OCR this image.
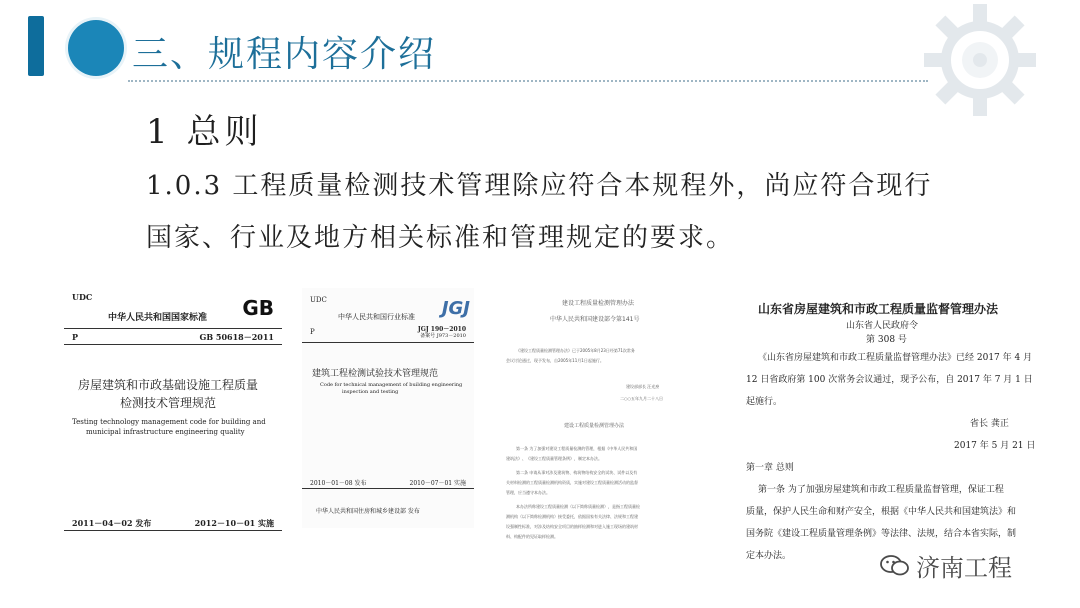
三、规程内容介绍
1 总则
1.0.3 工程质量检测技术管理除应符合本规程外，尚应符合现行
国家、行业及地方相关标准和管理规定的要求。
UDC
中华人民共和国国家标准 GB
P	GB 50618－2011
房屋建筑和市政基础设施工程质量
检测技术管理规范
Testing technology management code for building and
municipal infrastructure engineering quality
2011－04－02 发布	2012－10－01 实施
UDC
中华人民共和国行业标准 JGJ
P	JGJ 190－2010
备案号 J973－2010
建筑工程检测试验技术管理规范
Code for technical management of building engineering
inspection and testing
2010－01－08 发布	2010－07－01 实施
中华人民共和国住房和城乡建设部 发布
建设工程质量检测管理办法
中华人民共和国建设部令第141号
《建设工程质量检测管理办法》已于2005年8月23日经第71次常务
会议讨论通过，现予发布，自2005年11月1日起施行。
建设部部长 汪光焘
二○○五年九月二十八日
建设工程质量检测管理办法
第一条 为了加强对建设工程质量检测的管理，根据《中华人民共和国
建筑法》、《建设工程质量管理条例》，制定本办法。
第二条 申请从事对涉及建筑物、构筑物结构安全的试块、试件以及有
关材料检测的工程质量检测机构资质，实施对建设工程质量检测活动的监督
管理，应当遵守本办法。
本办法所称建设工程质量检测（以下简称质量检测），是指工程质量检
测机构（以下简称检测机构）接受委托，依据国家有关法律、法规和工程建
设强制性标准，对涉及结构安全项目的抽样检测和对进入施工现场的建筑材
料、构配件的见证取样检测。
山东省房屋建筑和市政工程质量监督管理办法
山东省人民政府令
第 308 号
《山东省房屋建筑和市政工程质量监督管理办法》已经 2017 年 4 月
12 日省政府第 100 次常务会议通过，现予公布，自 2017 年 7 月 1 日
起施行。
省长 龚正
2017 年 5 月 21 日
第一章 总则
第一条 为了加强房屋建筑和市政工程质量监督管理，保证工程
质量，保护人民生命和财产安全，根据《中华人民共和国建筑法》和
国务院《建设工程质量管理条例》等法律、法规，结合本省实际，制
定本办法。	济南工程
